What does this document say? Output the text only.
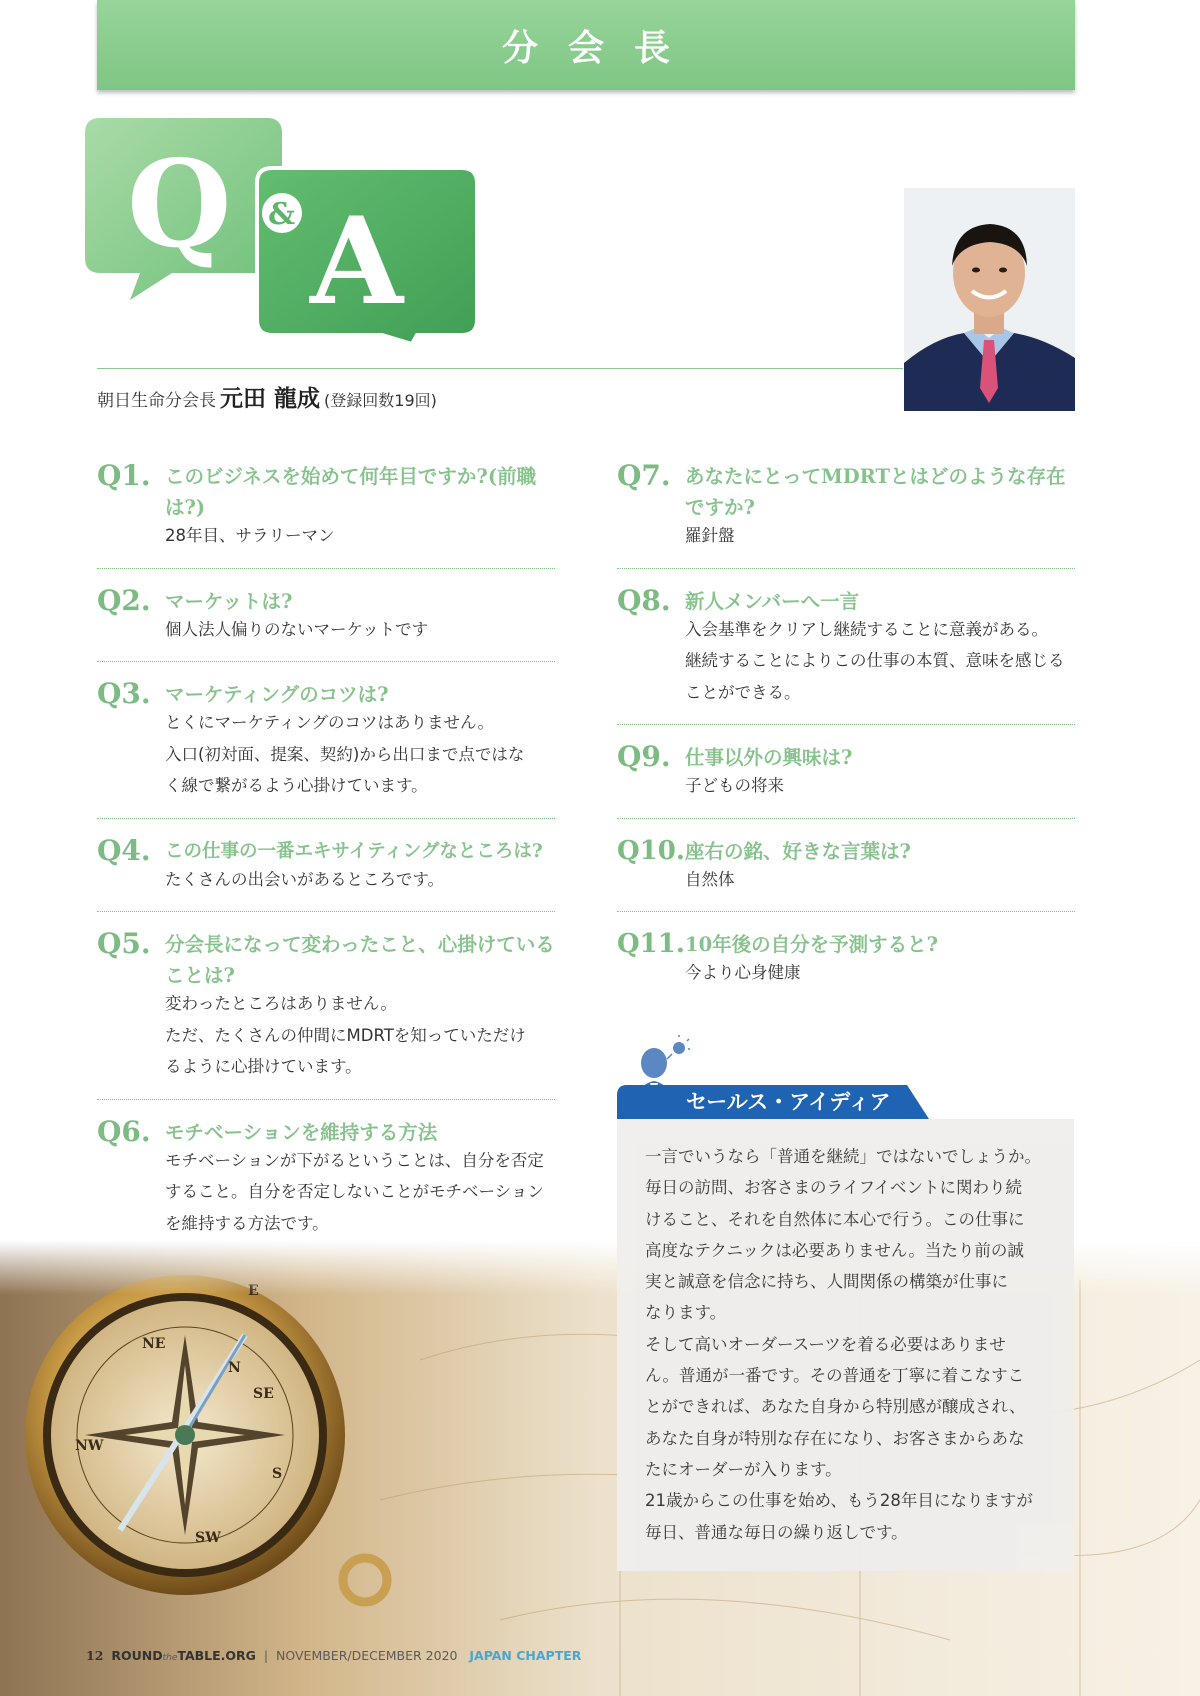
分会長
Q & A
朝日生命分会長 元田 龍成 (登録回数19回)
Q1. このビジネスを始めて何年目ですか?(前職は?)
28年目、サラリーマン
Q2. マーケットは?
個人法人偏りのないマーケットです
Q3. マーケティングのコツは?
とくにマーケティングのコツはありません。
入口(初対面、提案、契約)から出口まで点ではな
く線で繋がるよう心掛けています。
Q4. この仕事の一番エキサイティングなところは?
たくさんの出会いがあるところです。
Q5. 分会長になって変わったこと、心掛けていることは?
変わったところはありません。
ただ、たくさんの仲間にMDRTを知っていただけ
るように心掛けています。
Q6. モチベーションを維持する方法
モチベーションが下がるということは、自分を否定
すること。自分を否定しないことがモチベーション
を維持する方法です。
Q7. あなたにとってMDRTとはどのような存在ですか?
羅針盤
Q8. 新人メンバーへ一言
入会基準をクリアし継続することに意義がある。
継続することによりこの仕事の本質、意味を感じる
ことができる。
Q9. 仕事以外の興味は?
子どもの将来
Q10. 座右の銘、好きな言葉は?
自然体
Q11. 10年後の自分を予測すると?
今より心身健康
セールス・アイディア
一言でいうなら「普通を継続」ではないでしょうか。
毎日の訪問、お客さまのライフイベントに関わり続
けること、それを自然体に本心で行う。この仕事に
高度なテクニックは必要ありません。当たり前の誠
実と誠意を信念に持ち、人間関係の構築が仕事に
なります。
そして高いオーダースーツを着る必要はありませ
ん。普通が一番です。その普通を丁寧に着こなすこ
とができれば、あなた自身から特別感が醸成され、
あなた自身が特別な存在になり、お客さまからあな
たにオーダーが入ります。
21歳からこの仕事を始め、もう28年目になりますが
毎日、普通な毎日の繰り返しです。
12 ROUNDtheTABLE.ORG  |  NOVEMBER/DECEMBER 2020 JAPAN CHAPTER
